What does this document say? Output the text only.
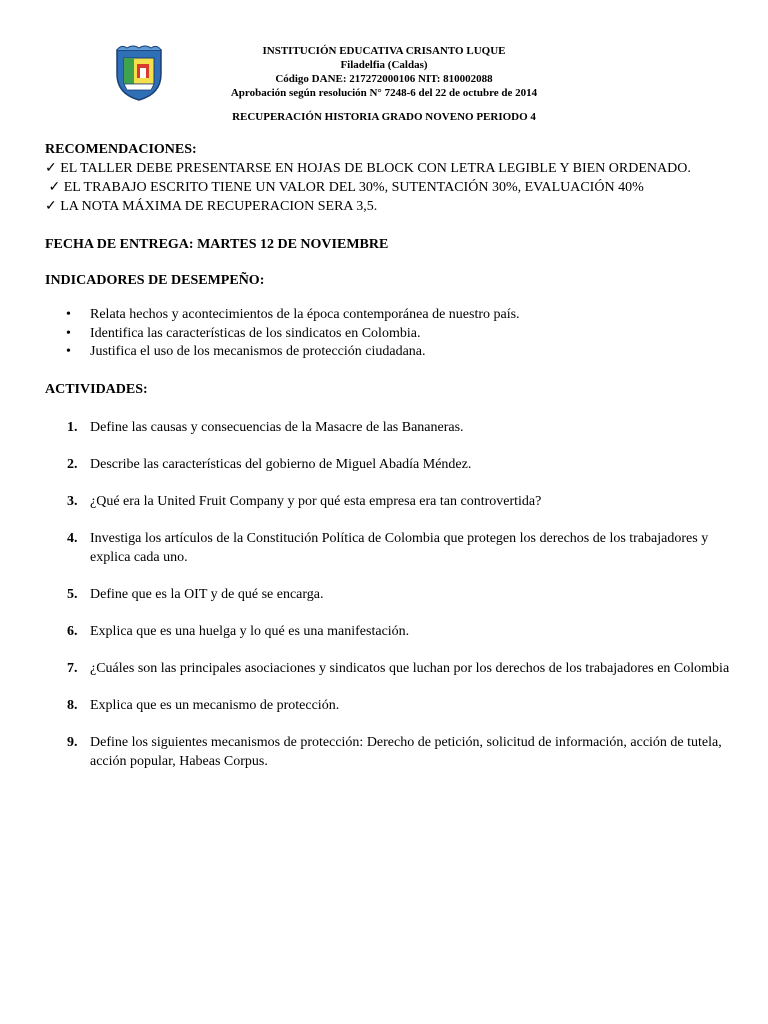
INSTITUCIÓN EDUCATIVA CRISANTO LUQUE
Filadelfia (Caldas)
Código DANE: 217272000106 NIT: 810002088
Aprobación según resolución N° 7248-6 del 22 de octubre de 2014
RECUPERACIÓN HISTORIA GRADO NOVENO PERIODO 4
RECOMENDACIONES:
✓ EL TALLER DEBE PRESENTARSE EN HOJAS DE BLOCK CON LETRA LEGIBLE Y BIEN ORDENADO.
✓ EL TRABAJO ESCRITO TIENE UN VALOR DEL 30%, SUTENTACIÓN 30%, EVALUACIÓN 40%
✓ LA NOTA MÁXIMA DE RECUPERACION SERA 3,5.
FECHA DE ENTREGA: MARTES 12 DE NOVIEMBRE
INDICADORES DE DESEMPEÑO:
• Relata hechos y acontecimientos de la época contemporánea de nuestro país.
• Identifica las características de los sindicatos en Colombia.
• Justifica el uso de los mecanismos de protección ciudadana.
ACTIVIDADES:
1. Define las causas y consecuencias de la Masacre de las Bananeras.
2. Describe las características del gobierno de Miguel Abadía Méndez.
3. ¿Qué era la United Fruit Company y por qué esta empresa era tan controvertida?
4. Investiga los artículos de la Constitución Política de Colombia que protegen los derechos de los trabajadores y explica cada uno.
5. Define que es la OIT y de qué se encarga.
6. Explica que es una huelga y lo qué es una manifestación.
7. ¿Cuáles son las principales asociaciones y sindicatos que luchan por los derechos de los trabajadores en Colombia
8. Explica que es un mecanismo de protección.
9. Define los siguientes mecanismos de protección: Derecho de petición, solicitud de información, acción de tutela, acción popular, Habeas Corpus.
